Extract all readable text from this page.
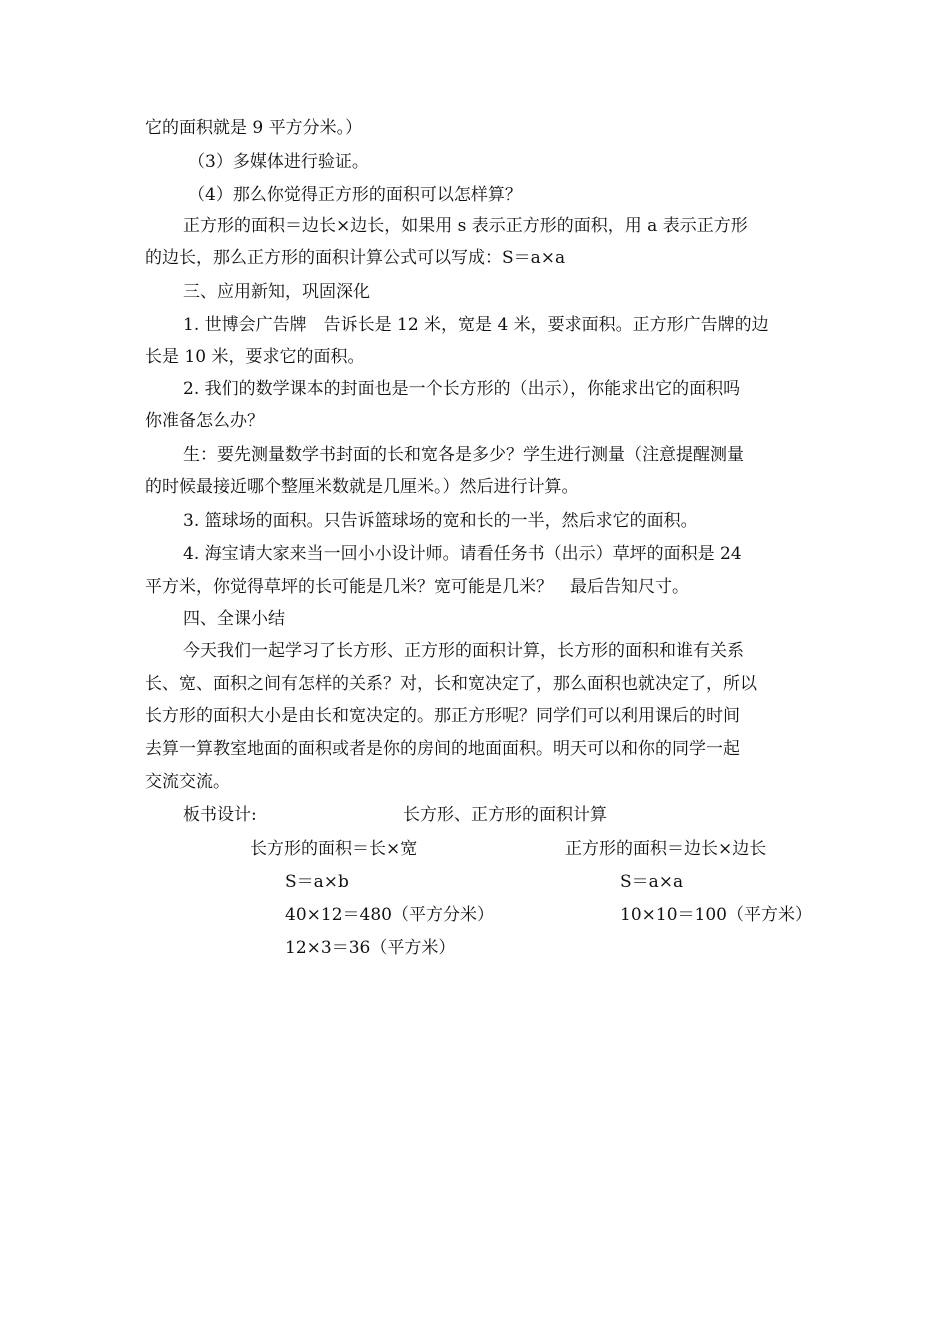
它的面积就是 9 平方分米。）
（3）多媒体进行验证。
（4）那么你觉得正方形的面积可以怎样算？
正方形的面积＝边长×边长，如果用 s 表示正方形的面积，用 a 表示正方形
的边长，那么正方形的面积计算公式可以写成：S＝a×a
三、应用新知，巩固深化
1. 世博会广告牌　告诉长是 12 米，宽是 4 米，要求面积。正方形广告牌的边
长是 10 米，要求它的面积。
2. 我们的数学课本的封面也是一个长方形的（出示），你能求出它的面积吗
你准备怎么办？
生：要先测量数学书封面的长和宽各是多少？学生进行测量（注意提醒测量
的时候最接近哪个整厘米数就是几厘米。）然后进行计算。
3. 篮球场的面积。只告诉篮球场的宽和长的一半，然后求它的面积。
4. 海宝请大家来当一回小小设计师。请看任务书（出示）草坪的面积是 24
平方米，你觉得草坪的长可能是几米？宽可能是几米？　最后告知尺寸。
四、全课小结
今天我们一起学习了长方形、正方形的面积计算，长方形的面积和谁有关系
长、宽、面积之间有怎样的关系？对，长和宽决定了，那么面积也就决定了，所以
长方形的面积大小是由长和宽决定的。那正方形呢？同学们可以利用课后的时间
去算一算教室地面的面积或者是你的房间的地面面积。明天可以和你的同学一起
交流交流。
板书设计:	长方形、正方形的面积计算
长方形的面积＝长×宽	正方形的面积＝边长×边长
S＝a×b	S＝a×a
40×12＝480（平方分米）	10×10＝100（平方米）
12×3＝36（平方米）
